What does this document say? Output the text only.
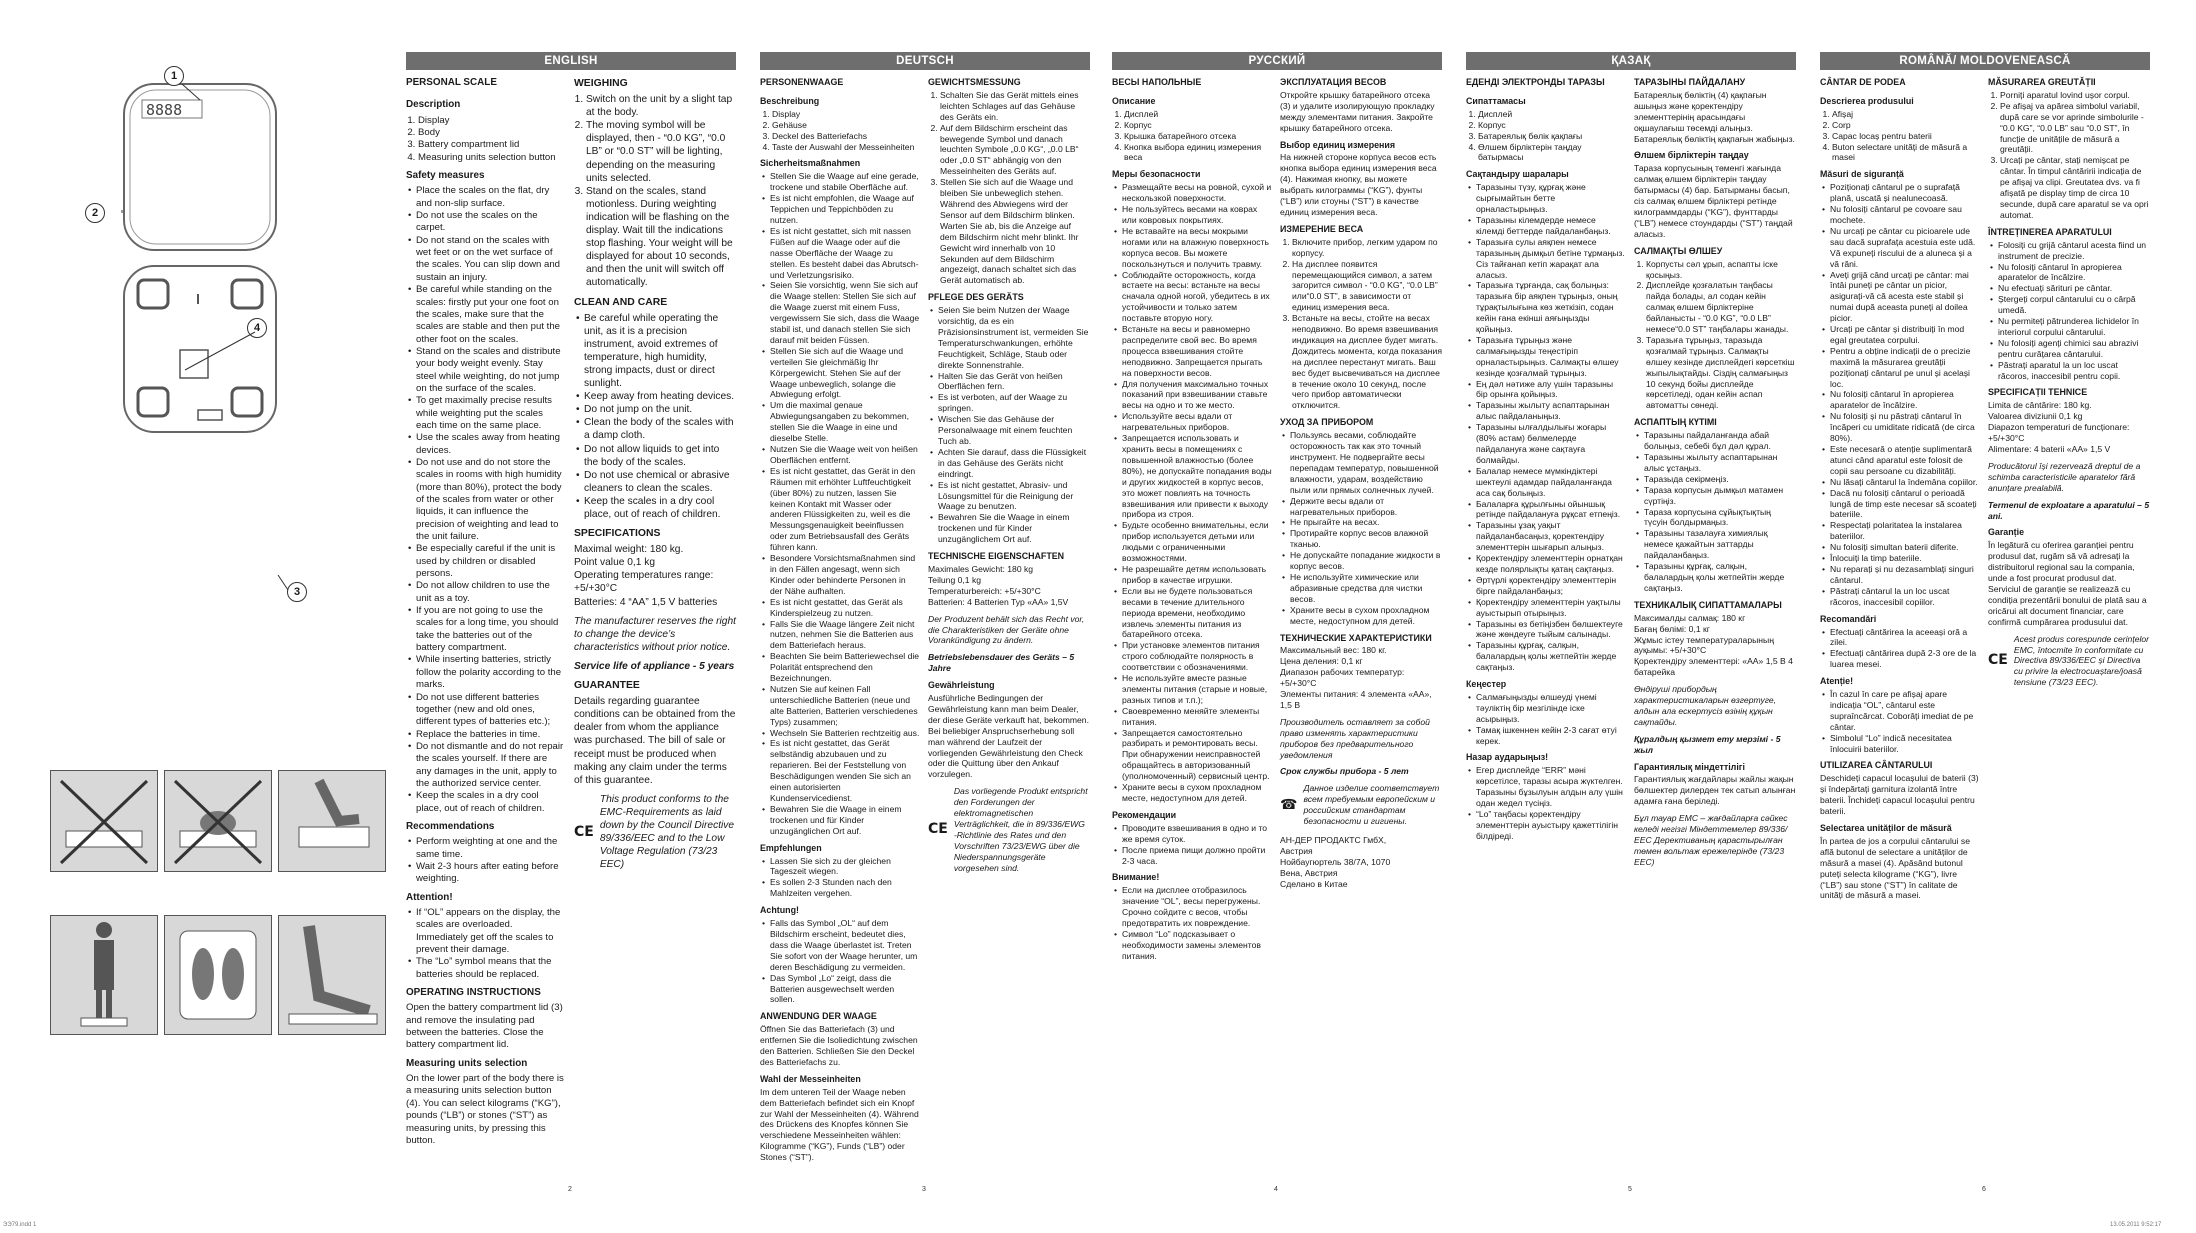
8888
1
2
4
3
ЭЭ79.indd 1
ENGLISH
PERSONAL SCALE
Description
1. Display
2. Body
3. Battery compartment lid
4. Measuring units selection button
Safety measures
• Place the scales on the flat, dry and non-slip surface.
• Do not use the scales on the carpet.
• Do not stand on the scales with wet feet or on the wet surface of the scales. You can slip down and sustain an injury.
• Be careful while standing on the scales: firstly put your one foot on the scales, make sure that the scales are stable and then put the other foot on the scales.
• Stand on the scales and distribute your body weight evenly. Stay steel while weighting, do not jump on the surface of the scales.
• To get maximally precise results while weighting put the scales each time on the same place.
• Use the scales away from heating devices.
• Do not use and do not store the scales in rooms with high humidity (more than 80%), protect the body of the scales from water or other liquids, it can influence the precision of weighting and lead to the unit failure.
• Be especially careful if the unit is used by children or disabled persons.
• Do not allow children to use the unit as a toy.
• If you are not going to use the scales for a long time, you should take the batteries out of the battery compartment.
• While inserting batteries, strictly follow the polarity according to the marks.
• Do not use different batteries together (new and old ones, different types of batteries etc.);
• Replace the batteries in time.
• Do not dismantle and do not repair the scales yourself. If there are any damages in the unit, apply to the authorized service center.
• Keep the scales in a dry cool place, out of reach of children.
Recommendations
• Perform weighting at one and the same time.
• Wait 2-3 hours after eating before weighting.
Attention!
• If “OL” appears on the display, the scales are overloaded. Immediately get off the scales to prevent their damage.
• The “Lo” symbol means that the batteries should be replaced.
OPERATING INSTRUCTIONS

Open the battery compartment lid (3) and remove the insulating pad between the batteries. Close the battery compartment lid.

Measuring units selection

On the lower part of the body there is a measuring units selection button (4). You can select kilograms (“KG”), pounds (“LB”) or stones (“ST”) as measuring units, by pressing this button.

WEIGHING
1. Switch on the unit by a slight tap at the body.
2. The moving symbol will be displayed, then - “0.0 KG”, “0.0 LB” or “0.0 ST” will be lighting, depending on the measuring units selected.
3. Stand on the scales, stand motionless. During weighting indication will be flashing on the display. Wait till the indications stop flashing. Your weight will be displayed for about 10 seconds, and then the unit will switch off automatically.
CLEAN AND CARE
• Be careful while operating the unit, as it is a precision instrument, avoid extremes of temperature, high humidity, strong impacts, dust or direct sunlight.
• Keep away from heating devices.
• Do not jump on the unit.
• Clean the body of the scales with a damp cloth.
• Do not allow liquids to get into the body of the scales.
• Do not use chemical or abrasive cleaners to clean the scales.
• Keep the scales in a dry cool place, out of reach of children.
SPECIFICATIONS

Maximal weight: 180 kg.

Point value 0,1 kg

Operating temperatures range:

+5/+30°C

Batteries: 4 “AA” 1,5 V batteries

The manufacturer reserves the right to change the device’s characteristics without prior notice.

Service life of appliance - 5 years

GUARANTEE

Details regarding guarantee conditions can be obtained from the dealer from whom the appliance was purchased. The bill of sale or receipt must be produced when making any claim under the terms of this guarantee.

CE

This product conforms to the EMC-Requirements as laid down by the Council Directive 89/336/EEC and to the Low Voltage Regulation (73/23 EEC)

2
DEUTSCH
PERSONENWAAGE
Beschreibung
1. Display
2. Gehäuse
3. Deckel des Batteriefachs
4. Taste der Auswahl der Messeinheiten
Sicherheitsmaßnahmen
• Stellen Sie die Waage auf eine gerade, trockene und stabile Oberfläche auf.
• Es ist nicht empfohlen, die Waage auf Teppichen und Teppichböden zu nutzen.
• Es ist nicht gestattet, sich mit nassen Füßen auf die Waage oder auf die nasse Oberfläche der Waage zu stellen. Es besteht dabei das Abrutsch- und Verletzungsrisiko.
• Seien Sie vorsichtig, wenn Sie sich auf die Waage stellen: Stellen Sie sich auf die Waage zuerst mit einem Fuss, vergewissern Sie sich, dass die Waage stabil ist, und danach stellen Sie sich darauf mit beiden Füssen.
• Stellen Sie sich auf die Waage und verteilen Sie gleichmäßig Ihr Körpergewicht. Stehen Sie auf der Waage unbeweglich, solange die Abwiegung erfolgt.
• Um die maximal genaue Abwiegungsangaben zu bekommen, stellen Sie die Waage in eine und dieselbe Stelle.
• Nutzen Sie die Waage weit von heißen Oberflächen entfernt.
• Es ist nicht gestattet, das Gerät in den Räumen mit erhöhter Luftfeuchtigkeit (über 80%) zu nutzen, lassen Sie keinen Kontakt mit Wasser oder anderen Flüssigkeiten zu, weil es die Messungsgenauigkeit beeinflussen oder zum Betriebsausfall des Geräts führen kann.
• Besondere Vorsichtsmaßnahmen sind in den Fällen angesagt, wenn sich Kinder oder behinderte Personen in der Nähe aufhalten.
• Es ist nicht gestattet, das Gerät als Kinderspielzeug zu nutzen.
• Falls Sie die Waage längere Zeit nicht nutzen, nehmen Sie die Batterien aus dem Batteriefach heraus.
• Beachten Sie beim Batteriewechsel die Polarität entsprechend den Bezeichnungen.
• Nutzen Sie auf keinen Fall unterschiedliche Batterien (neue und alte Batterien, Batterien verschiedenes Typs) zusammen;
• Wechseln Sie Batterien rechtzeitig aus.
• Es ist nicht gestattet, das Gerät selbständig abzubauen und zu reparieren. Bei der Feststellung von Beschädigungen wenden Sie sich an einen autorisierten Kundenservicedienst.
• Bewahren Sie die Waage in einem trockenen und für Kinder unzugänglichen Ort auf.
Empfehlungen
• Lassen Sie sich zu der gleichen Tageszeit wiegen.
• Es sollen 2-3 Stunden nach den Mahlzeiten vergehen.
Achtung!
• Falls das Symbol „OL“ auf dem Bildschirm erscheint, bedeutet dies, dass die Waage überlastet ist. Treten Sie sofort von der Waage herunter, um deren Beschädigung zu vermeiden.
• Das Symbol „Lo“ zeigt, dass die Batterien ausgewechselt werden sollen.
ANWENDUNG DER WAAGE

Öffnen Sie das Batteriefach (3) und entfernen Sie die Isoliedichtung zwischen den Batterien. Schließen Sie den Deckel des Batteriefachs zu.

Wahl der Messeinheiten

Im dem unteren Teil der Waage neben dem Batteriefach befindet sich ein Knopf zur Wahl der Messeinheiten (4). Während des Drückens des Knopfes können Sie verschiedene Messeinheiten wählen: Kilogramme (“KG”), Funds (“LB”) oder Stones (“ST”).

GEWICHTSMESSUNG
1. Schalten Sie das Gerät mittels eines leichten Schlages auf das Gehäuse des Geräts ein.
2. Auf dem Bildschirm erscheint das bewegende Symbol und danach leuchten Symbole „0.0 KG“, „0.0 LB“ oder „0.0 ST“ abhängig von den Messeinheiten des Geräts auf.
3. Stellen Sie sich auf die Waage und bleiben Sie unbeweglich stehen. Während des Abwiegens wird der Sensor auf dem Bildschirm blinken. Warten Sie ab, bis die Anzeige auf dem Bildschirm nicht mehr blinkt. Ihr Gewicht wird innerhalb von 10 Sekunden auf dem Bildschirm angezeigt, danach schaltet sich das Gerät automatisch ab.
PFLEGE DES GERÄTS
• Seien Sie beim Nutzen der Waage vorsichtig, da es ein Präzisionsinstrument ist, vermeiden Sie Temperaturschwankungen, erhöhte Feuchtigkeit, Schläge, Staub oder direkte Sonnenstrahle.
• Halten Sie das Gerät von heißen Oberflächen fern.
• Es ist verboten, auf der Waage zu springen.
• Wischen Sie das Gehäuse der Personalwaage mit einem feuchten Tuch ab.
• Achten Sie darauf, dass die Flüssigkeit in das Gehäuse des Geräts nicht eindringt.
• Es ist nicht gestattet, Abrasiv- und Lösungsmittel für die Reinigung der Waage zu benutzen.
• Bewahren Sie die Waage in einem trockenen und für Kinder unzugänglichem Ort auf.
TECHNISCHE EIGENSCHAFTEN

Maximales Gewicht: 180 kg

Teilung 0,1 kg

Temperaturbereich: +5/+30°C

Batterien: 4 Batterien Typ «AA» 1,5V

Der Produzent behält sich das Recht vor, die Charakteristiken der Geräte ohne Vorankündigung zu ändern.

Betriebslebensdauer des Geräts – 5 Jahre

Gewährleistung

Ausführliche Bedingungen der Gewährleistung kann man beim Dealer, der diese Geräte verkauft hat, bekommen. Bei beliebiger Anspruchserhebung soll man während der Laufzeit der vorliegenden Gewährleistung den Check oder die Quittung über den Ankauf vorzulegen.

CE

Das vorliegende Produkt entspricht den Forderungen der elektromagnetischen Verträglichkeit, die in 89/336/EWG -Richtlinie des Rates und den Vorschriften 73/23/EWG über die Niederspannungsgeräte vorgesehen sind.

3
РУССКИЙ
ВЕСЫ НАПОЛЬНЫЕ
Описание
1. Дисплей
2. Корпус
3. Крышка батарейного отсека
4. Кнопка выбора единиц измерения веса
Меры безопасности
• Размещайте весы на ровной, сухой и нескользкой поверхности.
• Не пользуйтесь весами на коврах или ковровых покрытиях.
• Не вставайте на весы мокрыми ногами или на влажную поверхность корпуса весов. Вы можете поскользнуться и получить травму.
• Соблюдайте осторожность, когда встаете на весы: встаньте на весы сначала одной ногой, убедитесь в их устойчивости и только затем поставьте вторую ногу.
• Встаньте на весы и равномерно распределите свой вес. Во время процесса взвешивания стойте неподвижно. Запрещается прыгать на поверхности весов.
• Для получения максимально точных показаний при взвешивании ставьте весы на одно и то же место.
• Используйте весы вдали от нагревательных приборов.
• Запрещается использовать и хранить весы в помещениях с повышенной влажностью (более 80%), не допускайте попадания воды и других жидкостей в корпус весов, это может повлиять на точность взвешивания или привести к выходу прибора из строя.
• Будьте особенно внимательны, если прибор используется детьми или людьми с ограниченными возможностями.
• Не разрешайте детям использовать прибор в качестве игрушки.
• Если вы не будете пользоваться весами в течение длительного периода времени, необходимо извлечь элементы питания из батарейного отсека.
• При установке элементов питания строго соблюдайте полярность в соответствии с обозначениями.
• Не используйте вместе разные элементы питания (старые и новые, разных типов и т.п.);
• Своевременно меняйте элементы питания.
• Запрещается самостоятельно разбирать и ремонтировать весы. При обнаружении неисправностей обращайтесь в авторизованный (уполномоченный) сервисный центр.
• Храните весы в сухом прохладном месте, недоступном для детей.
Рекомендации
• Проводите взвешивания в одно и то же время суток.
• После приема пищи должно пройти 2-3 часа.
Внимание!
• Если на дисплее отобразилось значение “OL”, весы перегружены. Срочно сойдите с весов, чтобы предотвратить их повреждение.
• Символ “Lo” подсказывает о необходимости замены элементов питания.
ЭКСПЛУАТАЦИЯ ВЕСОВ

Откройте крышку батарейного отсека (3) и удалите изолирующую прокладку между элементами питания. Закройте крышку батарейного отсека.

Выбор единиц измерения

На нижней стороне корпуса весов есть кнопка выбора единиц измерения веса (4). Нажимая кнопку, вы можете выбрать килограммы (“KG”), фунты (“LB”) или стоуны (“ST”) в качестве единиц измерения веса.

ИЗМЕРЕНИЕ ВЕСА
1. Включите прибор, легким ударом по корпусу.
2. На дисплее появится перемещающийся символ, а затем загорится символ - “0.0 KG”, “0.0 LB” или“0.0 ST”, в зависимости от единиц измерения веса.
3. Встаньте на весы, стойте на весах неподвижно. Во время взвешивания индикация на дисплее будет мигать. Дождитесь момента, когда показания на дисплее перестанут мигать. Ваш вес будет высвечиваться на дисплее в течение около 10 секунд, после чего прибор автоматически отключится.
УХОД ЗА ПРИБОРОМ
• Пользуясь весами, соблюдайте осторожность так как это точный инструмент. Не подвергайте весы перепадам температур, повышенной влажности, ударам, воздействию пыли или прямых солнечных лучей.
• Держите весы вдали от нагревательных приборов.
• Не прыгайте на весах.
• Протирайте корпус весов влажной тканью.
• Не допускайте попадание жидкости в корпус весов.
• Не используйте химические или абразивные средства для чистки весов.
• Храните весы в сухом прохладном месте, недоступном для детей.
ТЕХНИЧЕСКИЕ ХАРАКТЕРИСТИКИ

Максимальный вес: 180 кг.

Цена деления: 0,1 кг

Диапазон рабочих температур: +5/+30°C

Элементы питания: 4 элемента «AA», 1,5 В

Производитель оставляет за собой право изменять характеристики приборов без предварительного уведомления

Срок службы прибора - 5 лет

☎

Данное изделие соответствует всем требуемым европейским и российским стандартам безопасности и гигиены.

АН-ДЕР ПРОДАКТС ГмбХ,

Австрия

Нойбаугюртель 38/7А, 1070

Вена, Австрия

Сделано в Китае

4
ҚАЗАҚ
ЕДЕНДІ ЭЛЕКТРОНДЫ ТАРАЗЫ
Сипаттамасы
1. Дисплей
2. Корпус
3. Батареялық бөлік қақпағы
4. Өлшем бірліктерін таңдау батырмасы
Сақтандыру шаралары
• Таразыны түзу, құрғақ және сырғымайтын бетте орналастырыңыз.
• Таразыны кілемдерде немесе кілемді беттерде пайдаланбаңыз.
• Таразыға сулы аяқпен немесе таразының дымқыл бетіне тұрмаңыз. Сіз тайғанап кетіп жарақат ала аласыз.
• Таразыға тұрғанда, сақ болыңыз: таразыға бір аяқпен тұрыңыз, оның тұрақтылығына көз жеткізіп, содан кейін ғана екінші аяғыңызды қойыңыз.
• Таразыға тұрыңыз және салмағыңызды теңестіріп орналастырыңыз. Салмақты өлшеу кезінде қозғалмай тұрыңыз.
• Ең дәл нәтиже алу үшін таразыны бір орынға қойыңыз.
• Таразыны жылыту аспаптарынан алыс пайдаланыңыз.
• Таразыны ылғалдылығы жоғары (80% астам) бөлмелерде пайдалануға және сақтауға болмайды.
• Балалар немесе мүмкіндіктері шектеулі адамдар пайдаланғанда аса сақ болыңыз.
• Балаларға құрылғыны ойыншық ретінде пайдалануға рұқсат етпеңіз.
• Таразыны ұзақ уақыт пайдаланбасаңыз, қоректендіру элементтерін шығарып алыңыз.
• Қоректендіру элементтерін орнатқан кезде полярлықты қатаң сақтаңыз.
• Әртүрлі қоректендіру элементтерін бірге пайдаланбаңыз;
• Қоректендіру элементтерін уақтылы ауыстырып отырыңыз.
• Таразыны өз бетіңізбен бөлшектеуге және жөндеуге тыйым салынады.
• Таразыны құрғақ, салқын, балалардың қолы жетпейтін жерде сақтаңыз.
Кеңестер
• Салмағыңызды өлшеуді үнемі тәуліктің бір мезгілінде іске асырыңыз.
• Тамақ ішкеннен кейін 2-3 сағат өтуі керек.
Назар аударыңыз!
• Егер дисплейде “ERR” мәні көрсетілсе, таразы асыра жүктелген. Таразыны бұзылуын алдын алу үшін одан жедел түсіңіз.
• “Lo” таңбасы қоректендіру элементтерін ауыстыру қажеттілігін білдіреді.
ТАРАЗЫНЫ ПАЙДАЛАНУ

Батареялық бөліктің (4) қақпағын ашыңыз және қоректендіру элементтерінің арасындағы оқшаулағыш төсемді алыңыз. Батареялық бөліктің қақпағын жабыңыз.

Өлшем бірліктерін таңдау

Тараза корпусының төменгі жағында салмақ өлшем бірліктерін таңдау батырмасы (4) бар. Батырманы басып, сіз салмақ өлшем бірліктері ретінде килограммдарды (“KG”), фунттарды (“LB”) немесе стоундарды (“ST”) таңдай аласыз.

САЛМАҚТЫ ӨЛШЕУ
1. Корпусты сәл ұрып, аспапты іске қосыңыз.
2. Дисплейде қозғалатын таңбасы пайда болады, ал содан кейін салмақ өлшем бірліктеріне байланысты - “0.0 KG”, “0.0 LB” немесе“0.0 ST” таңбалары жанады.
3. Таразыға тұрыңыз, таразыда қозғалмай тұрыңыз. Салмақты өлшеу кезінде дисплейдегі көрсеткіш жыпылықтайды. Сіздің салмағыңыз 10 секунд бойы дисплейде көрсетіледі, одан кейін аспап автоматты сөнеді.
АСПАПТЫҢ КҮТІМІ
• Таразыны пайдаланғанда абай болыңыз, себебі бұл дәл құрал.
• Таразыны жылыту аспаптарынан алыс ұстаңыз.
• Таразыда секірмеңіз.
• Тараза корпусын дымқыл матамен сүртіңіз.
• Тараза корпусына сұйықтықтың түсуін болдырмаңыз.
• Таразыны тазалауға химиялық немесе қажайтын заттарды пайдаланбаңыз.
• Таразыны құрғақ, салқын, балалардың қолы жетпейтін жерде сақтаңыз.
ТЕХНИКАЛЫҚ СИПАТТАМАЛАРЫ

Максималды салмақ: 180 кг

Бағаң бөлімі: 0,1 кг

Жұмыс істеу температураларының ауқымы: +5/+30°C

Қоректендіру элементтері: «АА» 1,5 В 4 батарейка

Өндіруші прибордың характеристикаларын өзгертуге, алдын ала ескертусіз өзінің құқын сақтайды.

Құралдың қызмет ету мерзімі - 5 жыл

Гарантиялық міндеттілігі

Гарантиялық жағдайлары жайлы жақын бөлшектер дилерден тек сатып алынған адамға ғана беріледі.

Бұл тауар ЕМС – жағдайларға сәйкес келеді негізгі Міндеттемелер 89/336/ EEC Дерективаның қарастырылған төмен вольтаж ережелерінде (73/23 ЕЕС)

5
ROMÂNĂ/ MOLDOVENEASCĂ
CÂNTAR DE PODEA
Descrierea produsului
1. Afișaj
2. Corp
3. Capac locaș pentru baterii
4. Buton selectare unități de măsură a masei
Măsuri de siguranță
• Poziționați cântarul pe o suprafață plană, uscată și nealunecoasă.
• Nu folosiți cântarul pe covoare sau mochete.
• Nu urcați pe cântar cu picioarele ude sau dacă suprafața acestuia este udă. Vă expuneți riscului de a aluneca și a vă răni.
• Aveți grijă când urcați pe cântar: mai întâi puneți pe cântar un picior, asigurați-vă că acesta este stabil și numai după aceasta puneți al doilea picior.
• Urcați pe cântar și distribuiți în mod egal greutatea corpului.
• Pentru a obține indicații de o precizie maximă la măsurarea greutății poziționați cântarul pe unul și același loc.
• Nu folosiți cântarul în apropierea aparatelor de încălzire.
• Nu folosiți și nu păstrați cântarul în încăperi cu umiditate ridicată (de circa 80%).
• Este necesară o atenție suplimentară atunci când aparatul este folosit de copii sau persoane cu dizabilități.
• Nu lăsați cântarul la îndemâna copiilor.
• Dacă nu folosiți cântarul o perioadă lungă de timp este necesar să scoateți bateriile.
• Respectați polaritatea la instalarea bateriilor.
• Nu folosiți simultan baterii diferite.
• Înlocuiți la timp bateriile.
• Nu reparați și nu dezasamblați singuri cântarul.
• Păstrați cântarul la un loc uscat răcoros, inaccesibil copiilor.
Recomandări
• Efectuați cântărirea la aceeași oră a zilei.
• Efectuați cântărirea după 2-3 ore de la luarea mesei.
Atenție!
• În cazul în care pe afișaj apare indicația “OL”, cântarul este supraîncărcat. Coborâți imediat de pe cântar.
• Simbolul “Lo” indică necesitatea înlocuirii bateriilor.
UTILIZAREA CÂNTARULUI

Deschideți capacul locașului de baterii (3) și îndepărtați garnitura izolantă între baterii. Închideți capacul locașului pentru baterii.

Selectarea unităților de măsură

În partea de jos a corpului cântarului se află butonul de selectare a unităților de măsură a masei (4). Apăsând butonul puteți selecta kilograme (“KG”), livre (“LB”) sau stone (“ST”) în calitate de unități de măsură a masei.

MĂSURAREA GREUTĂȚII
1. Porniți aparatul lovind ușor corpul.
2. Pe afișaj va apărea simbolul variabil, după care se vor aprinde simbolurile - “0.0 KG”, “0.0 LB” sau “0.0 ST”, în funcție de unitățile de măsură a greutății.
3. Urcați pe cântar, stați nemișcat pe cântar. În timpul cântăririi indicația de pe afișaj va clipi. Greutatea dvs. va fi afișată pe display timp de circa 10 secunde, după care aparatul se va opri automat.
ÎNTREȚINEREA APARATULUI
• Folosiți cu grijă cântarul acesta fiind un instrument de precizie.
• Nu folosiți cântarul în apropierea aparatelor de încălzire.
• Nu efectuați sărituri pe cântar.
• Ștergeți corpul cântarului cu o cârpă umedă.
• Nu permiteți pătrunderea lichidelor în interiorul corpului cântarului.
• Nu folosiți agenți chimici sau abrazivi pentru curățarea cântarului.
• Păstrați aparatul la un loc uscat răcoros, inaccesibil pentru copii.
SPECIFICAȚII TEHNICE

Limita de cântărire: 180 kg.

Valoarea diviziunii 0,1 kg

Diapazon temperaturi de funcționare: +5/+30°C

Alimentare: 4 baterii «AA» 1,5 V

Producătorul își rezervează dreptul de a schimba caracteristicile aparatelor fără anunțare prealabilă.

Termenul de exploatare a aparatului – 5 ani.

Garanție

În legătură cu oferirea garanției pentru produsul dat, rugăm să vă adresați la distribuitorul regional sau la compania, unde a fost procurat produsul dat. Serviciul de garanție se realizează cu condiția prezentării bonului de plată sau a oricărui alt document financiar, care confirmă cumpărarea produsului dat.

CE

Acest produs corespunde cerințelor EMC, întocmite în conformitate cu Directiva 89/336/EEC și Directiva cu privire la electrocuaștare/joasă tensiune (73/23 EEC).

6
13.05.2011 9:52:17
